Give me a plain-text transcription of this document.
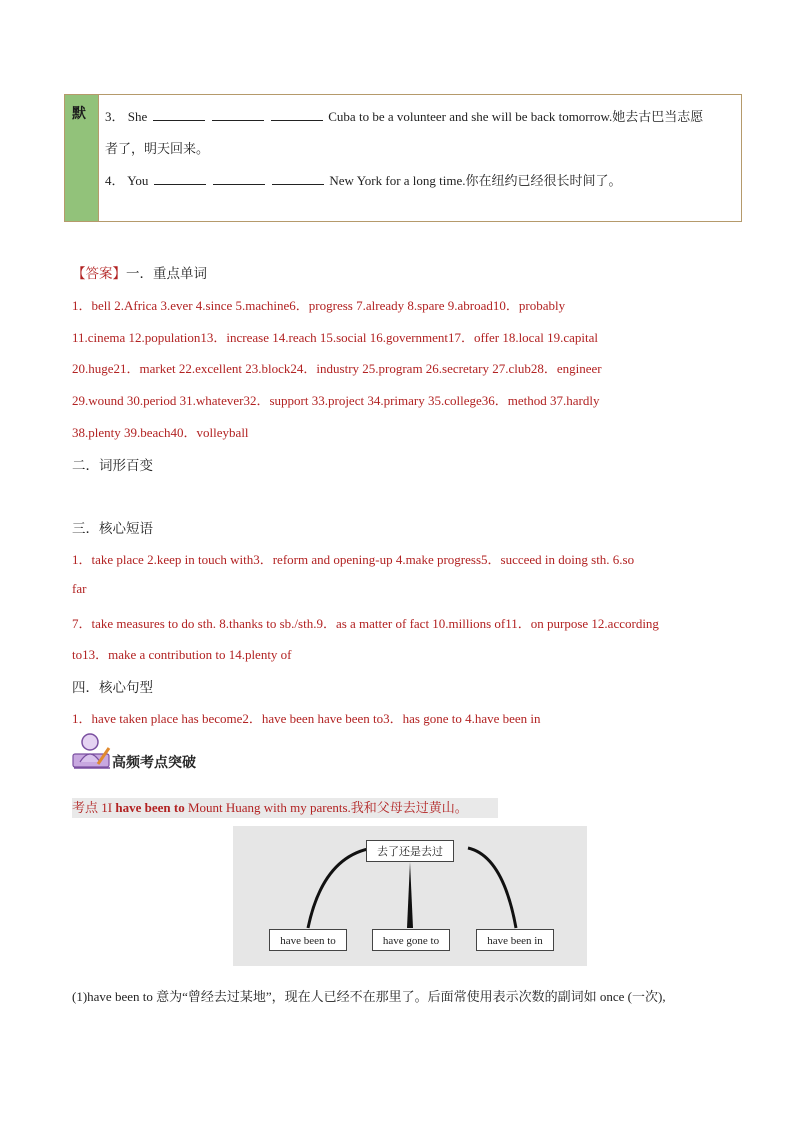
默 3． She	Cuba to be a volunteer and she will be back tomorrow.她去古巴当志愿
者了，明天回来。
4． You	New York for a long time.你在纽约已经很长时间了。
【答案】一．重点单词
1．bell 2.Africa 3.ever 4.since 5.machine6．progress 7.already 8.spare 9.abroad10．probably
11.cinema 12.population13．increase 14.reach 15.social 16.government17．offer 18.local 19.capital
20.huge21．market 22.excellent 23.block24．industry 25.program 26.secretary 27.club28．engineer
29.wound 30.period 31.whatever32．support 33.project 34.primary 35.college36．method 37.hardly
38.plenty 39.beach40．volleyball
二．词形百变
三．核心短语
1．take place 2.keep in touch with3．reform and opening-up 4.make progress5．succeed in doing sth. 6.so
far
7．take measures to do sth. 8.thanks to sb./sth.9．as a matter of fact 10.millions of11．on purpose 12.according
to13．make a contribution to 14.plenty of
四．核心句型
1．have taken place has become2．have been have been to3．has gone to 4.have been in
高频考点突破
考点 1I have been to Mount Huang with my parents.我和父母去过黄山。
去了还是去过
have been to	have gone to	have been in
(1)have been to 意为“曾经去过某地”，现在人已经不在那里了。后面常使用表示次数的副词如 once (一次),
